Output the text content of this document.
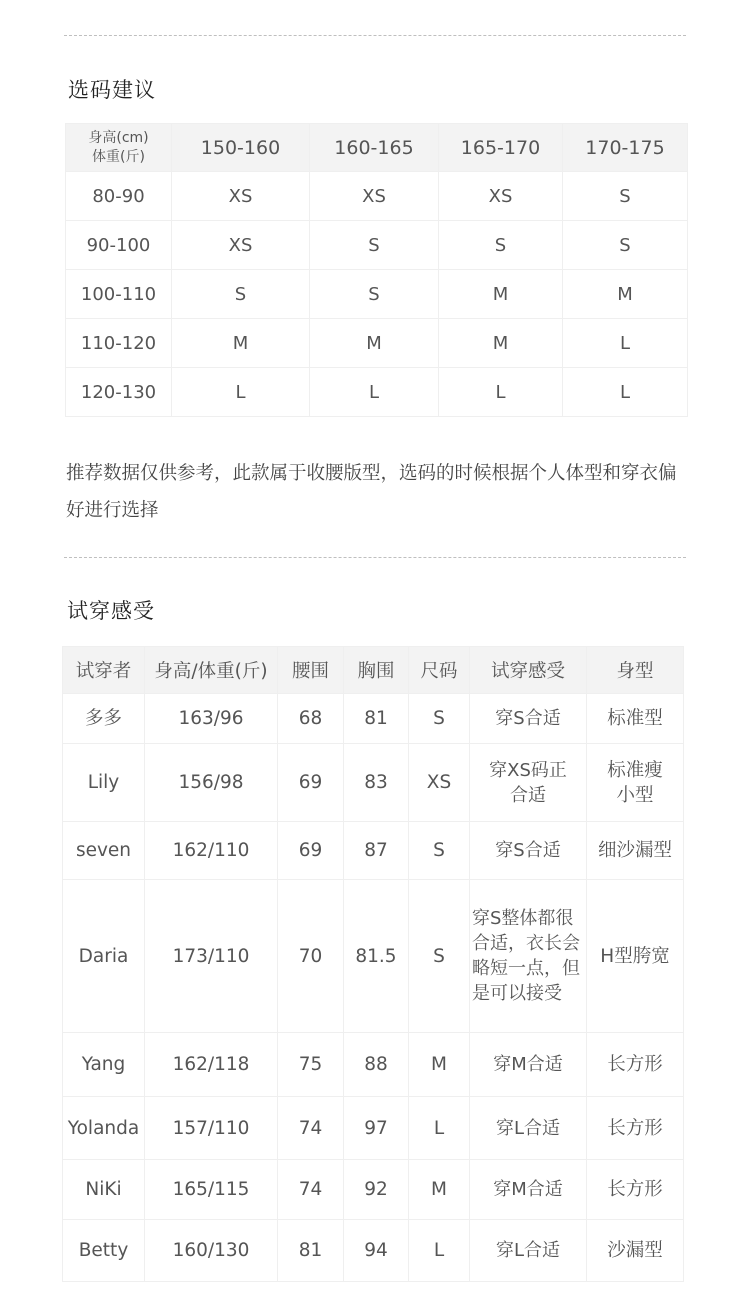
选码建议
身高(cm)
体重(斤)	150-160	160-165	165-170	170-175
80-90	XS	XS	XS	S
90-100	XS	S	S	S
100-110	S	S	M	M
110-120	M	M	M	L
120-130	L	L	L	L
推荐数据仅供参考，此款属于收腰版型，选码的时候根据个人体型和穿衣偏好进行选择
试穿感受
试穿者	身高/体重(斤)	腰围	胸围	尺码	试穿感受	身型
多多	163/96	68	81	S	穿S合适	标准型
Lily	156/98	69	83	XS	穿XS码正合适	标准瘦小型
seven	162/110	69	87	S	穿S合适	细沙漏型
Daria	173/110	70	81.5	S	穿S整体都很合适，衣长会略短一点，但是可以接受	H型胯宽
Yang	162/118	75	88	M	穿M合适	长方形
Yolanda	157/110	74	97	L	穿L合适	长方形
NiKi	165/115	74	92	M	穿M合适	长方形
Betty	160/130	81	94	L	穿L合适	沙漏型
